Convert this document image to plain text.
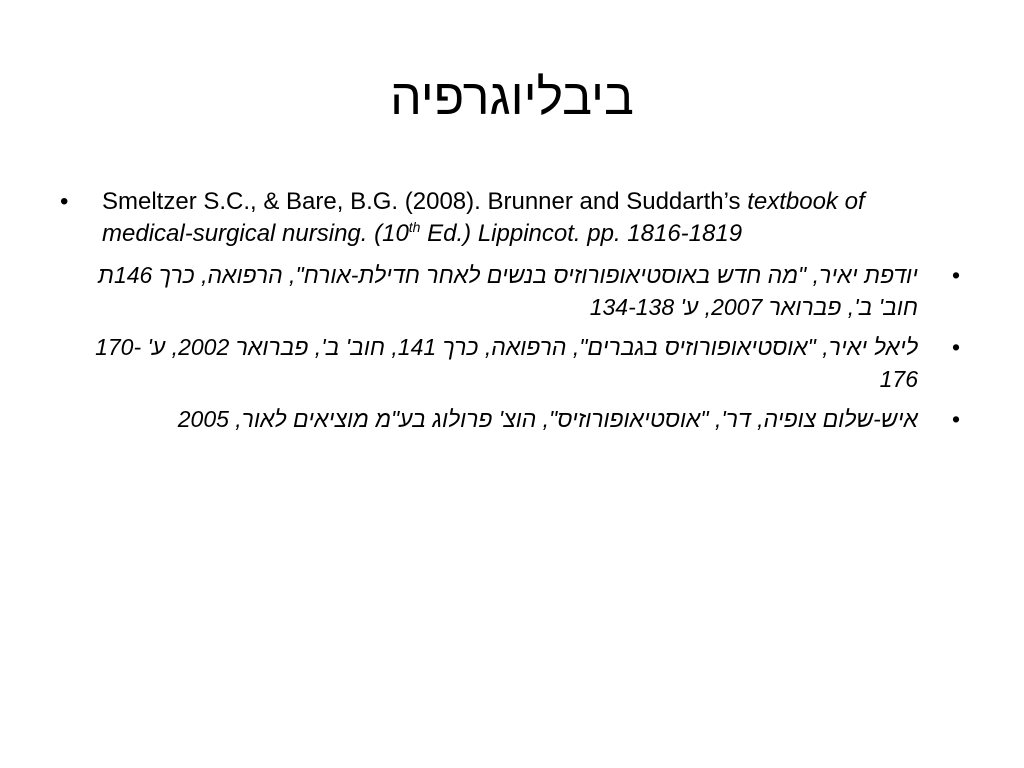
ביבליוגרפיה
• Smeltzer S.C., & Bare, B.G. (2008). Brunner and Suddarth’s textbook of medical-surgical nursing. (10th Ed.) Lippincot. pp. 1816-1819
•
יודפת יאיר, "מה חדש באוסטיאופורוזיס בנשים לאחר חדילת-אורח", הרפואה, כרך 146ת חוב' ב', פברואר 2007, ע' 134-138
•
ליאל יאיר, "אוסטיאופורוזיס בגברים", הרפואה, כרך 141, חוב' ב', פברואר 2002, ע' 170-176
•
איש-שלום צופיה, דר', "אוסטיאופורוזיס", הוצ' פרולוג בע"מ מוציאים לאור, 2005
